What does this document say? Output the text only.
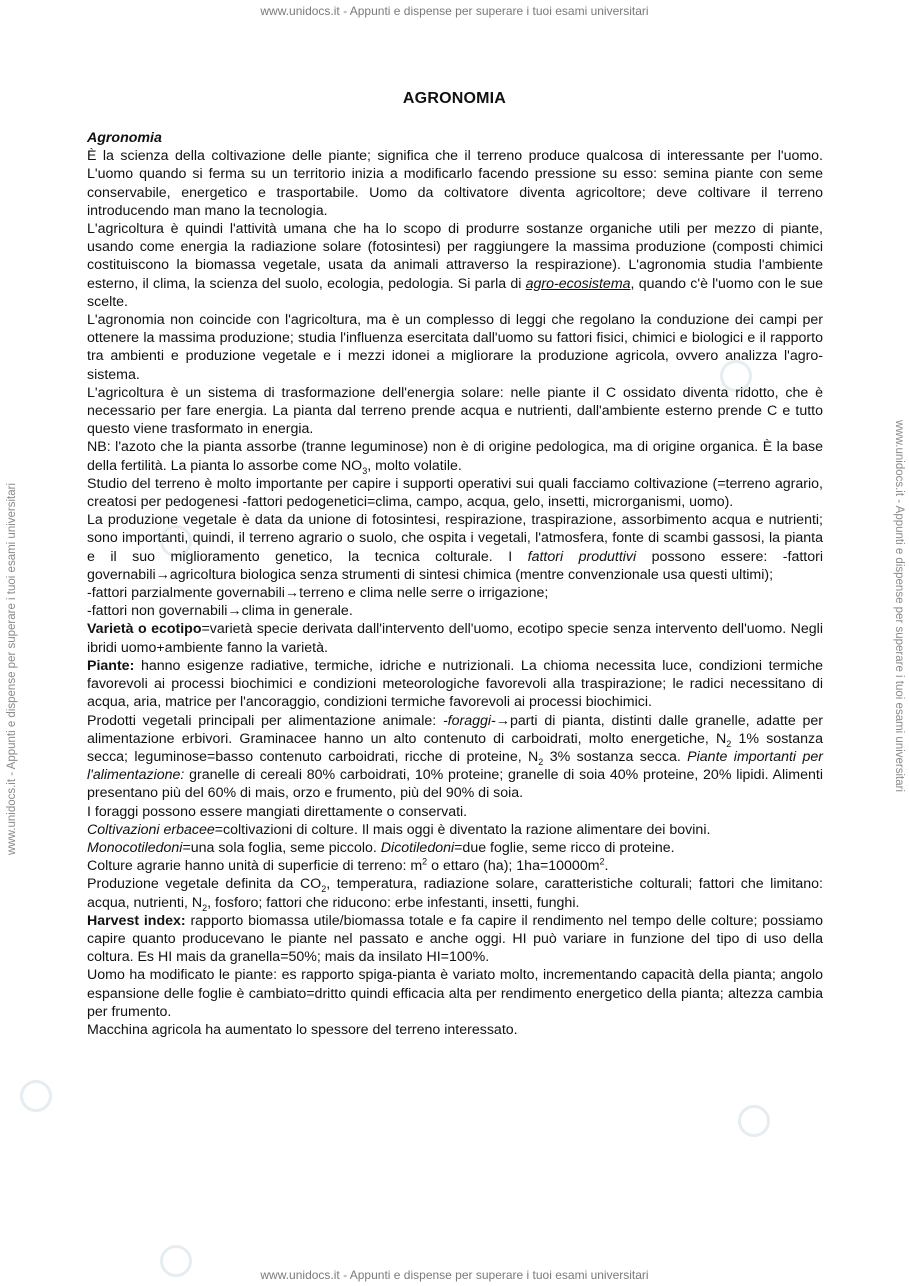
www.unidocs.it - Appunti e dispense per superare i tuoi esami universitari
www.unidocs.it - Appunti e dispense per superare i tuoi esami universitari	www.unidocs.it - Appunti e dispense per superare i tuoi esami universitari
AGRONOMIA

Agronomia

È la scienza della coltivazione delle piante; significa che il terreno produce qualcosa di interessante per l'uomo. L'uomo quando si ferma su un territorio inizia a modificarlo facendo pressione su esso: semina piante con seme conservabile, energetico e trasportabile. Uomo da coltivatore diventa agricoltore; deve coltivare il terreno introducendo man mano la tecnologia.

L'agricoltura è quindi l'attività umana che ha lo scopo di produrre sostanze organiche utili per mezzo di piante, usando come energia la radiazione solare (fotosintesi) per raggiungere la massima produzione (composti chimici costituiscono la biomassa vegetale, usata da animali attraverso la respirazione). L'agronomia studia l'ambiente esterno, il clima, la scienza del suolo, ecologia, pedologia. Si parla di agro-ecosistema, quando c'è l'uomo con le sue scelte.

L'agronomia non coincide con l'agricoltura, ma è un complesso di leggi che regolano la conduzione dei campi per ottenere la massima produzione; studia l'influenza esercitata dall'uomo su fattori fisici, chimici e biologici e il rapporto tra ambienti e produzione vegetale e i mezzi idonei a migliorare la produzione agricola, ovvero analizza l'agro-sistema.

L'agricoltura è un sistema di trasformazione dell'energia solare: nelle piante il C ossidato diventa ridotto, che è necessario per fare energia. La pianta dal terreno prende acqua e nutrienti, dall'ambiente esterno prende C e tutto questo viene trasformato in energia.

NB: l'azoto che la pianta assorbe (tranne leguminose) non è di origine pedologica, ma di origine organica. È la base della fertilità. La pianta lo assorbe come $NO_3$, molto volatile.

Studio del terreno è molto importante per capire i supporti operativi sui quali facciamo coltivazione (=terreno agrario, creatosi per pedogenesi -fattori pedogenetici=clima, campo, acqua, gelo, insetti, microrganismi, uomo).

La produzione vegetale è data da unione di fotosintesi, respirazione, traspirazione, assorbimento acqua e nutrienti; sono importanti, quindi, il terreno agrario o suolo, che ospita i vegetali, l'atmosfera, fonte di scambi gassosi, la pianta e il suo miglioramento genetico, la tecnica colturale. I fattori produttivi possono essere: -fattori governabili→agricoltura biologica senza strumenti di sintesi chimica (mentre convenzionale usa questi ultimi);

-fattori parzialmente governabili→terreno e clima nelle serre o irrigazione;

-fattori non governabili→clima in generale.

Varietà o ecotipo=varietà specie derivata dall'intervento dell'uomo, ecotipo specie senza intervento dell'uomo. Negli ibridi uomo+ambiente fanno la varietà.

Piante: hanno esigenze radiative, termiche, idriche e nutrizionali. La chioma necessita luce, condizioni termiche favorevoli ai processi biochimici e condizioni meteorologiche favorevoli alla traspirazione; le radici necessitano di acqua, aria, matrice per l'ancoraggio, condizioni termiche favorevoli ai processi biochimici.

Prodotti vegetali principali per alimentazione animale: -foraggi-→parti di pianta, distinti dalle granelle, adatte per alimentazione erbivori. Graminacee hanno un alto contenuto di carboidrati, molto energetiche, $N_2$ 1% sostanza secca; leguminose=basso contenuto carboidrati, ricche di proteine, $N_2$ 3% sostanza secca. Piante importanti per l'alimentazione: granelle di cereali 80% carboidrati, 10% proteine; granelle di soia 40% proteine, 20% lipidi. Alimenti presentano più del 60% di mais, orzo e frumento, più del 90% di soia.

I foraggi possono essere mangiati direttamente o conservati.

Coltivazioni erbacee=coltivazioni di colture. Il mais oggi è diventato la razione alimentare dei bovini.

Monocotiledoni=una sola foglia, seme piccolo. Dicotiledoni=due foglie, seme ricco di proteine.

Colture agrarie hanno unità di superficie di terreno: $m^2$ o ettaro (ha); $1ha=10000m^2$.

Produzione vegetale definita da $CO_2$, temperatura, radiazione solare, caratteristiche colturali; fattori che limitano: acqua, nutrienti, $N_2$, fosforo; fattori che riducono: erbe infestanti, insetti, funghi.

Harvest index: rapporto biomassa utile/biomassa totale e fa capire il rendimento nel tempo delle colture; possiamo capire quanto producevano le piante nel passato e anche oggi. HI può variare in funzione del tipo di uso della coltura. Es HI mais da granella=50%; mais da insilato HI=100%.

Uomo ha modificato le piante: es rapporto spiga-pianta è variato molto, incrementando capacità della pianta; angolo espansione delle foglie è cambiato=dritto quindi efficacia alta per rendimento energetico della pianta; altezza cambia per frumento.

Macchina agricola ha aumentato lo spessore del terreno interessato.

www.unidocs.it - Appunti e dispense per superare i tuoi esami universitari
